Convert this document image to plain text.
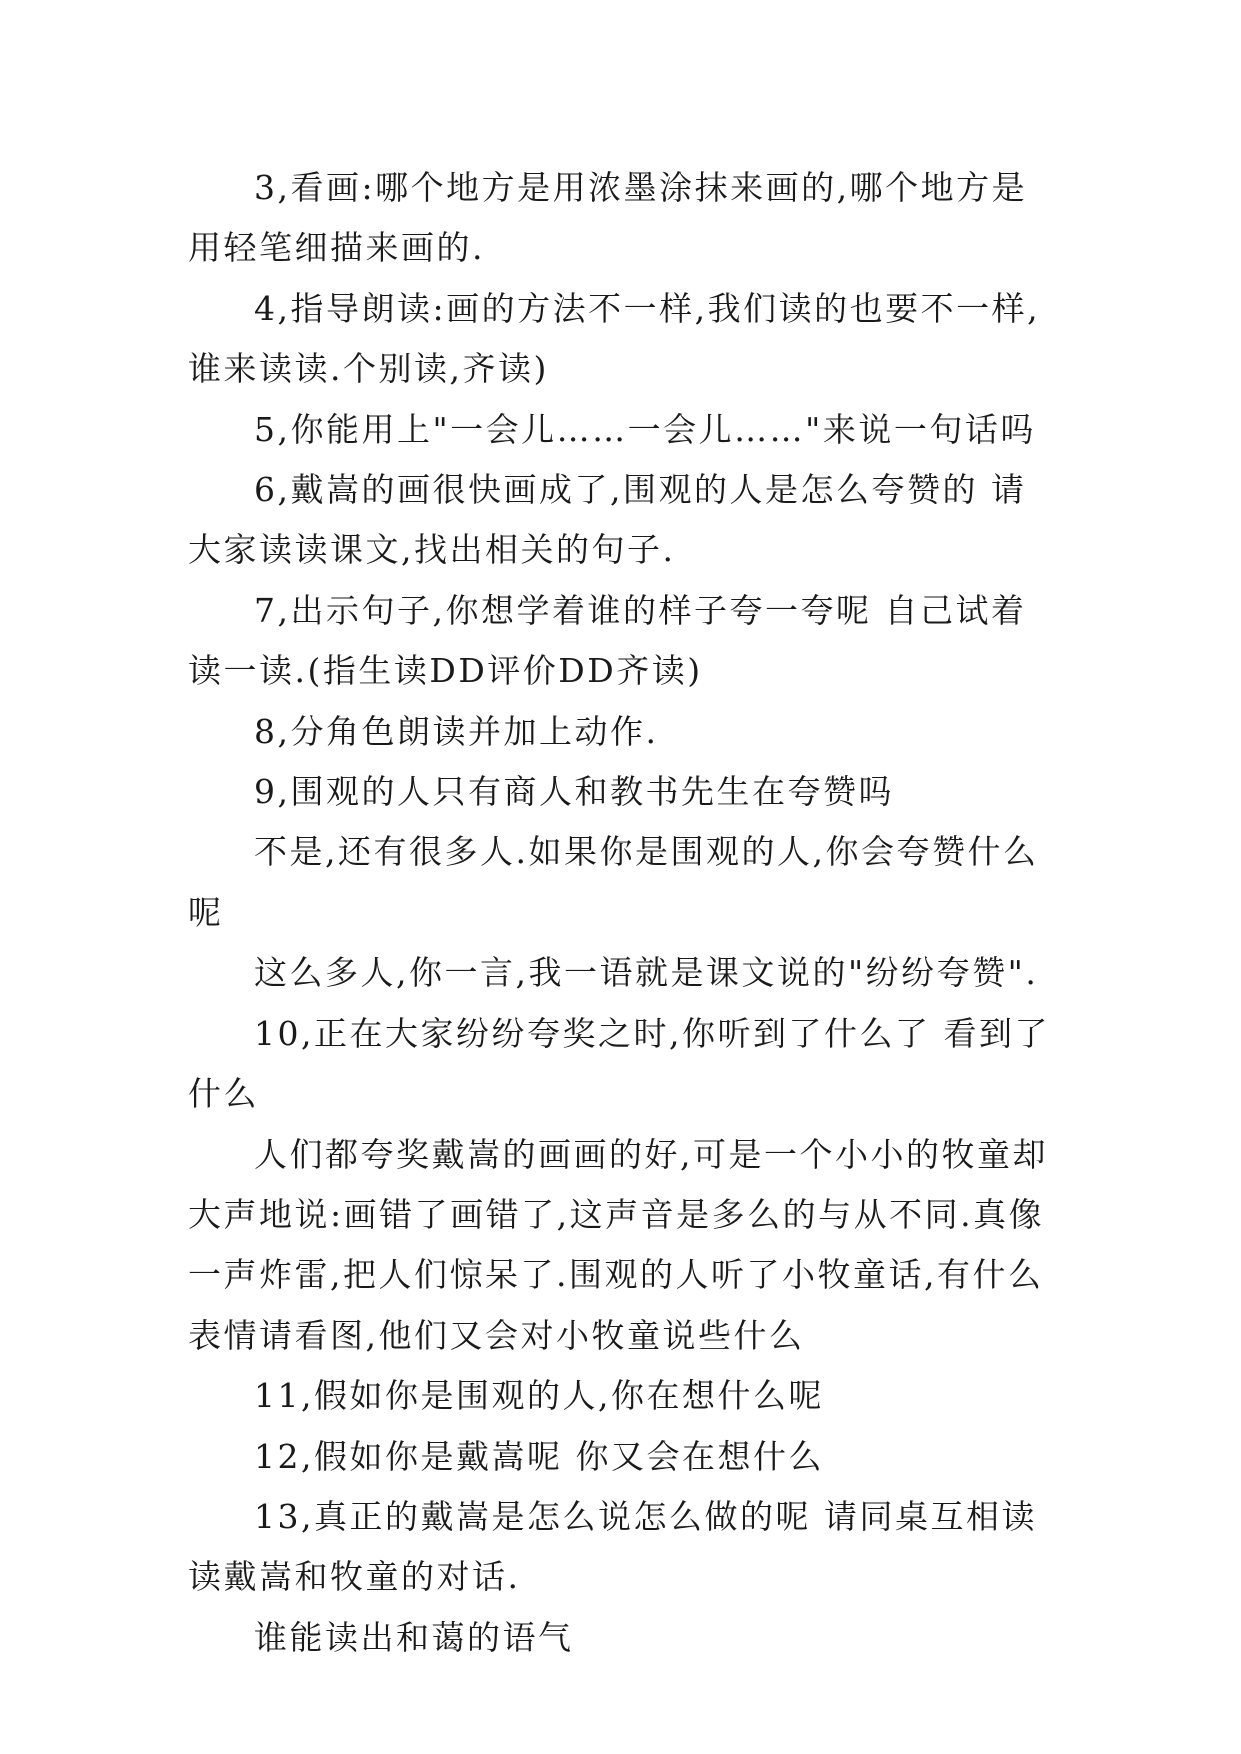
3,看画:哪个地方是用浓墨涂抹来画的,哪个地方是用轻笔细描来画的.

4,指导朗读:画的方法不一样,我们读的也要不一样,谁来读读.个别读,齐读)

5,你能用上"一会儿……一会儿……"来说一句话吗

6,戴嵩的画很快画成了,围观的人是怎么夸赞的 请大家读读课文,找出相关的句子.

7,出示句子,你想学着谁的样子夸一夸呢 自己试着读一读.(指生读DD评价DD齐读)

8,分角色朗读并加上动作.

9,围观的人只有商人和教书先生在夸赞吗

不是,还有很多人.如果你是围观的人,你会夸赞什么呢

这么多人,你一言,我一语就是课文说的"纷纷夸赞".

10,正在大家纷纷夸奖之时,你听到了什么了 看到了什么

人们都夸奖戴嵩的画画的好,可是一个小小的牧童却大声地说:画错了画错了,这声音是多么的与从不同.真像一声炸雷,把人们惊呆了.围观的人听了小牧童话,有什么表情请看图,他们又会对小牧童说些什么

11,假如你是围观的人,你在想什么呢

12,假如你是戴嵩呢 你又会在想什么

13,真正的戴嵩是怎么说怎么做的呢 请同桌互相读读戴嵩和牧童的对话.

谁能读出和蔼的语气
